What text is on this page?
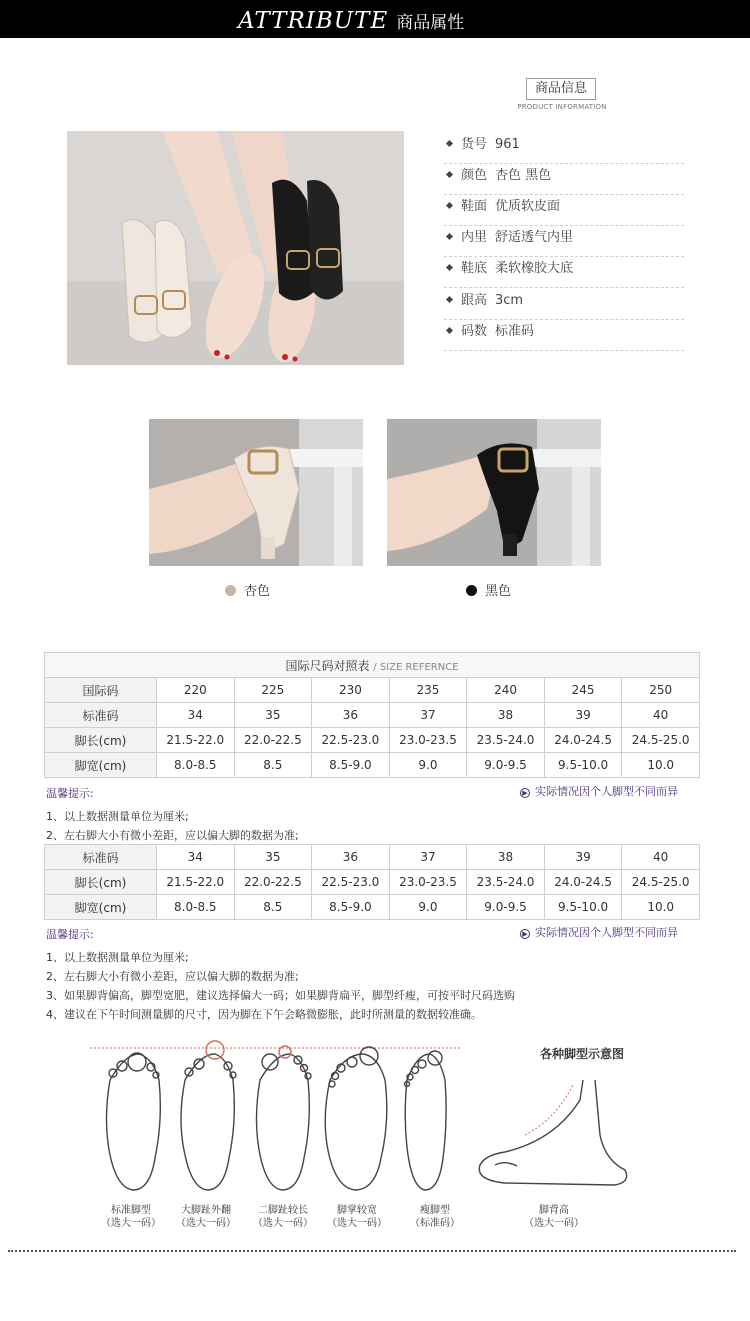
ATTRIBUTE 商品属性
商品信息
PRODUCT INFORMATION
货号 961
颜色 杏色 黑色
鞋面 优质软皮面
内里 舒适透气内里
鞋底 柔软橡胶大底
跟高 3cm
码数 标准码
杏色	黑色
国际尺码对照表 / SIZE REFERNCE							
国际码	220	225	230	235	240	245	250
标准码	34	35	36	37	38	39	40
脚长(cm)	21.5-22.0	22.0-22.5	22.5-23.0	23.0-23.5	23.5-24.0	24.0-24.5	24.5-25.0
脚宽(cm)	8.0-8.5	8.5	8.5-9.0	9.0	9.0-9.5	9.5-10.0	10.0
温馨提示:	▶ 实际情况因个人脚型不同而异
1、以上数据测量单位为厘米;
2、左右脚大小有微小差距，应以偏大脚的数据为准;
标准码	34	35	36	37	38	39	40
脚长(cm)	21.5-22.0	22.0-22.5	22.5-23.0	23.0-23.5	23.5-24.0	24.0-24.5	24.5-25.0
脚宽(cm)	8.0-8.5	8.5	8.5-9.0	9.0	9.0-9.5	9.5-10.0	10.0
温馨提示:	▶ 实际情况因个人脚型不同而异
1、以上数据测量单位为厘米;
2、左右脚大小有微小差距，应以偏大脚的数据为准;
3、如果脚背偏高，脚型宽肥，建议选择偏大一码；如果脚背扁平，脚型纤瘦，可按平时尺码选购
4、建议在下午时间测量脚的尺寸，因为脚在下午会略微膨胀，此时所测量的数据较准确。
各种脚型示意图
标准脚型
（选大一码）
大脚趾外翻
（选大一码）
二脚趾较长
（选大一码）
脚掌较宽
（选大一码）
瘦脚型
（标准码）
脚背高
（选大一码）
